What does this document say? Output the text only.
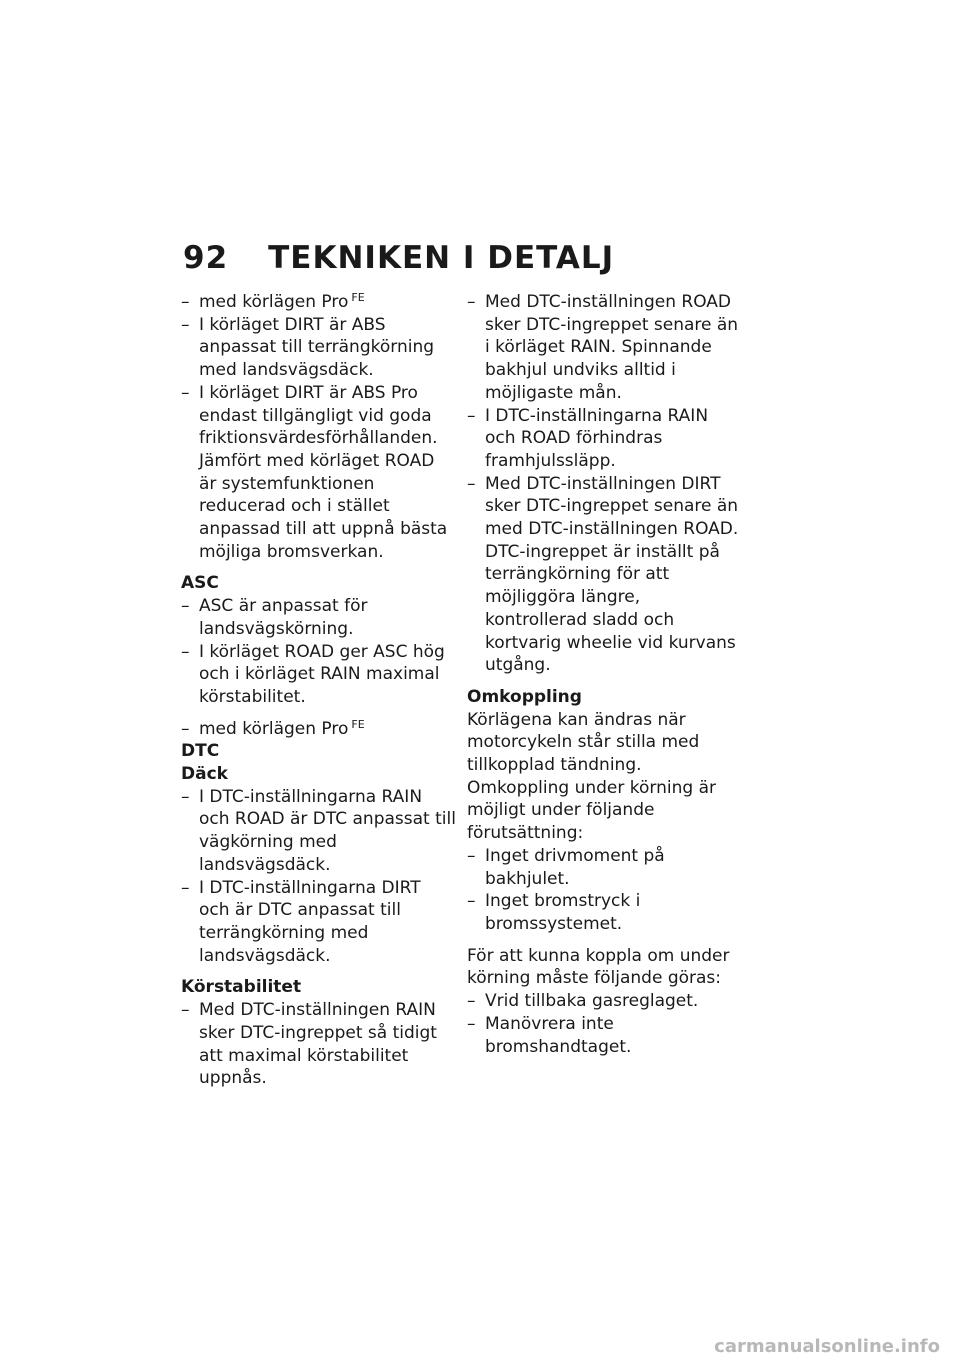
92 TEKNIKEN I DETALJ
– med körlägen Pro $^{FE}$
– I körläget DIRT är ABS anpassat till terrängkörning med landsvägsdäck.
– I körläget DIRT är ABS Pro endast tillgängligt vid goda friktionsvärdesförhållanden. Jämfört med körläget ROAD är systemfunktionen reducerad och i stället anpassad till att uppnå bästa möjliga bromsverkan.
ASC
– ASC är anpassat för landsvägskörning.
– I körläget ROAD ger ASC hög och i körläget RAIN maximal körstabilitet.
– med körlägen Pro $^{FE}$
DTC
Däck
– I DTC-inställningarna RAIN och ROAD är DTC anpassat till vägkörning med landsvägsdäck.
– I DTC-inställningarna DIRT och är DTC anpassat till terrängkörning med landsvägsdäck.
Körstabilitet
– Med DTC-inställningen RAIN sker DTC-ingreppet så tidigt att maximal körstabilitet uppnås.
– Med DTC-inställningen ROAD sker DTC-ingreppet senare än i körläget RAIN. Spinnande bakhjul undviks alltid i möjligaste mån.
– I DTC-inställningarna RAIN och ROAD förhindras framhjulssläpp.
– Med DTC-inställningen DIRT sker DTC-ingreppet senare än med DTC-inställningen ROAD. DTC-ingreppet är inställt på terrängkörning för att möjliggöra längre, kontrollerad sladd och kortvarig wheelie vid kurvans utgång.
Omkoppling

Körlägena kan ändras när motorcykeln står stilla med tillkopplad tändning. Omkoppling under körning är möjligt under följande förutsättning:

– Inget drivmoment på bakhjulet.
– Inget bromstryck i bromssystemet.

För att kunna koppla om under körning måste följande göras:

– Vrid tillbaka gasreglaget.
– Manövrera inte bromshandtaget.
carmanualsonline.info
